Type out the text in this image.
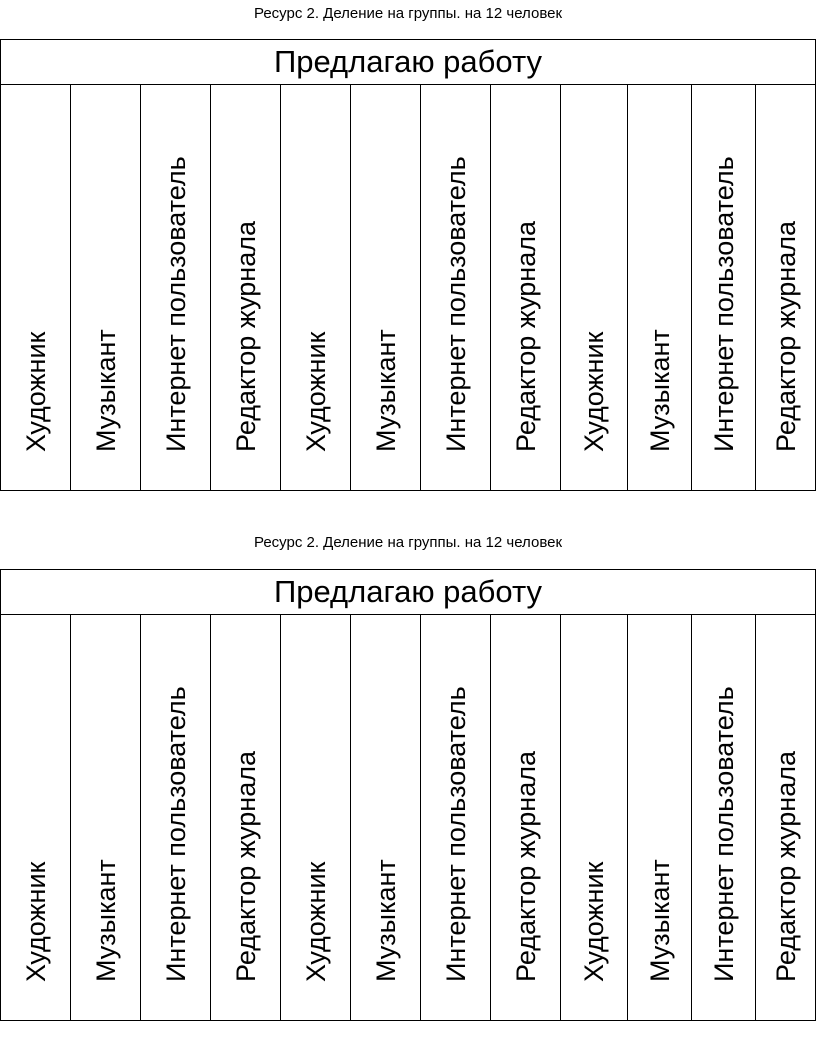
Ресурс 2. Деление на группы. на 12 человек
Предлагаю работу
Художник Музыкант Интернет пользователь Редактор журнала Художник Музыкант Интернет пользователь Редактор журнала Художник Музыкант Интернет пользователь Редактор журнала
Ресурс 2. Деление на группы. на 12 человек
Предлагаю работу
Художник Музыкант Интернет пользователь Редактор журнала Художник Музыкант Интернет пользователь Редактор журнала Художник Музыкант Интернет пользователь Редактор журнала
